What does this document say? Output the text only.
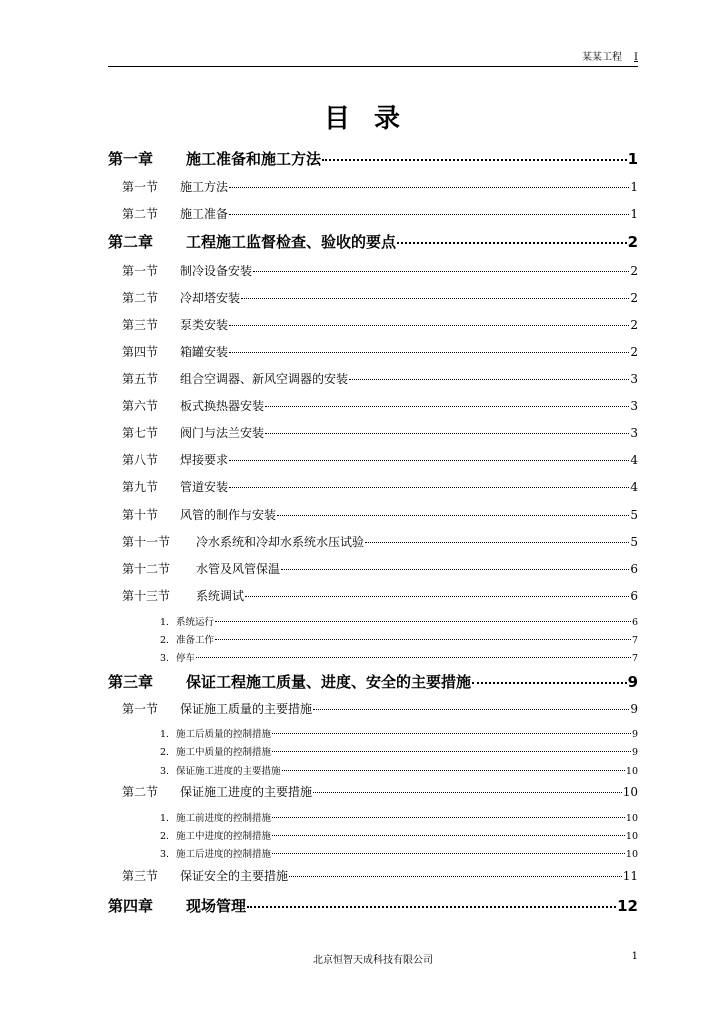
某某工程 I
目录
第一章	施工准备和施工方法	1
第一节	施工方法	1
第二节	施工准备	1
第二章	工程施工监督检查、验收的要点	2
第一节	制冷设备安装	2
第二节	冷却塔安装	2
第三节	泵类安装	2
第四节	箱罐安装	2
第五节	组合空调器、新风空调器的安装	3
第六节	板式换热器安装	3
第七节	阀门与法兰安装	3
第八节	焊接要求	4
第九节	管道安装	4
第十节	风管的制作与安装	5
第十一节	冷水系统和冷却水系统水压试验	5
第十二节	水管及风管保温	6
第十三节	系统调试	6
1. 系统运行	6
2. 准备工作	7
3. 停车	7
第三章	保证工程施工质量、进度、安全的主要措施	9
第一节	保证施工质量的主要措施	9
1. 施工后质量的控制措施	9
2. 施工中质量的控制措施	9
3. 保证施工进度的主要措施	10
第二节	保证施工进度的主要措施	10
1. 施工前进度的控制措施	10
2. 施工中进度的控制措施	10
3. 施工后进度的控制措施	10
第三节	保证安全的主要措施	11
第四章	现场管理	12
北京恒智天成科技有限公司	1
